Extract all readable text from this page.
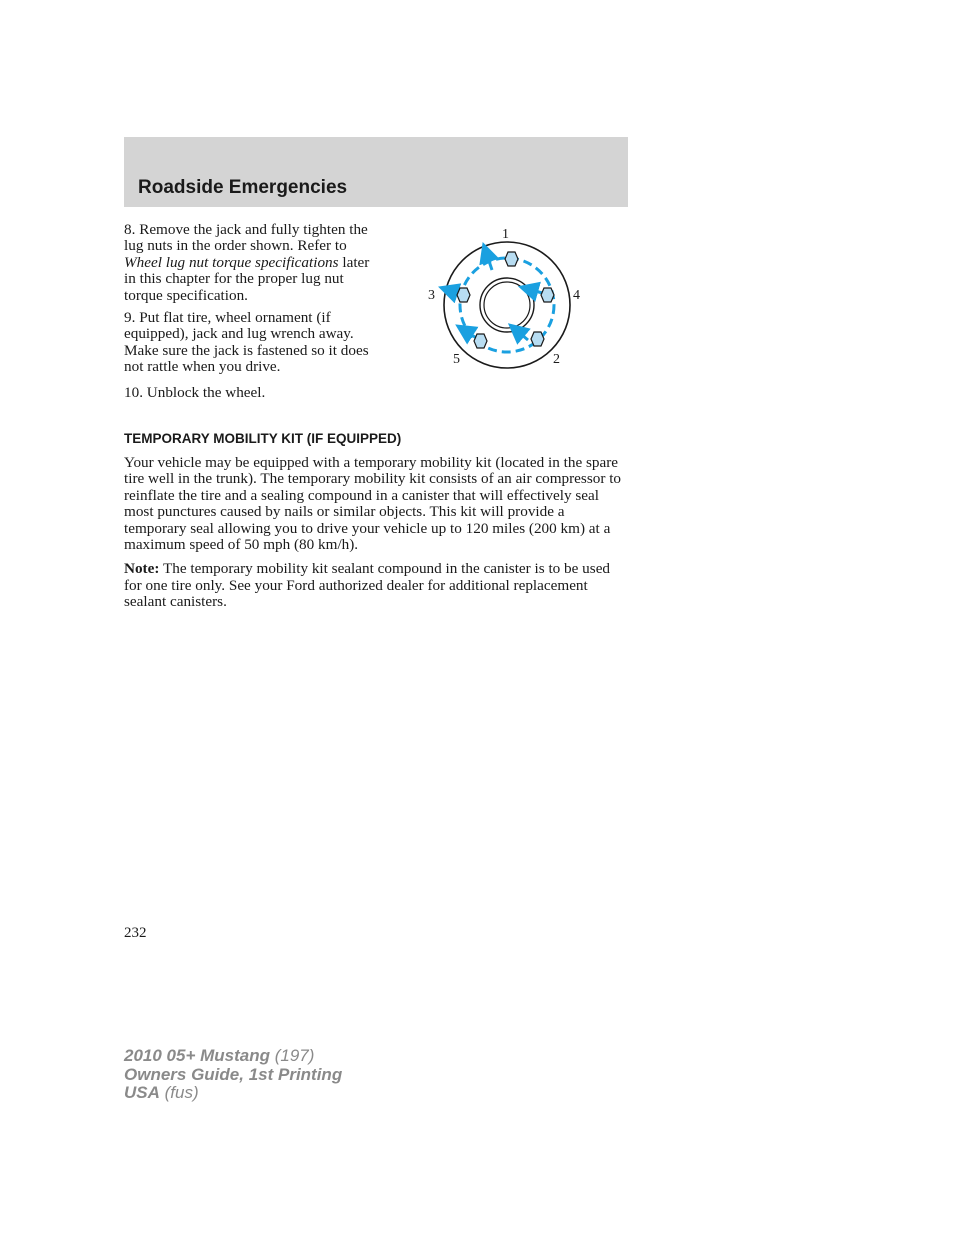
Roadside Emergencies

8. Remove the jack and fully tighten the lug nuts in the order shown. Refer to Wheel lug nut torque specifications later in this chapter for the proper lug nut torque specification.

9. Put flat tire, wheel ornament (if equipped), jack and lug wrench away. Make sure the jack is fastened so it does not rattle when you drive.

10. Unblock the wheel.

1
2
3	4
5
TEMPORARY MOBILITY KIT (IF EQUIPPED)

Your vehicle may be equipped with a temporary mobility kit (located in the spare tire well in the trunk). The temporary mobility kit consists of an air compressor to reinflate the tire and a sealing compound in a canister that will effectively seal most punctures caused by nails or similar objects. This kit will provide a temporary seal allowing you to drive your vehicle up to 120 miles (200 km) at a maximum speed of 50 mph (80 km/h).

Note: The temporary mobility kit sealant compound in the canister is to be used for one tire only. See your Ford authorized dealer for additional replacement sealant canisters.

232
2010 05+ Mustang (197)
Owners Guide, 1st Printing
USA (fus)
